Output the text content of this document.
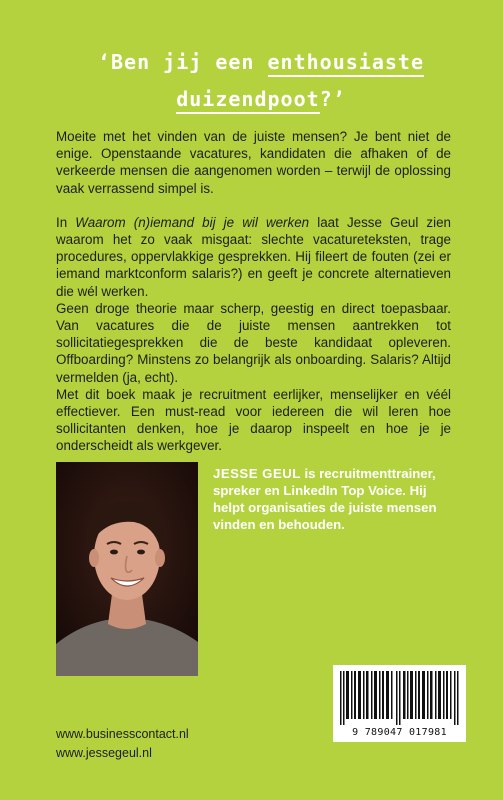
‘Ben jij een enthousiaste
duizendpoot?’

Moeite met het vinden van de juiste mensen? Je bent niet de enige. Openstaande vacatures, kandidaten die afhaken of de verkeerde mensen die aangenomen worden – terwijl de oplossing vaak verrassend simpel is.

In Waarom (n)iemand bij je wil werken laat Jesse Geul zien waarom het zo vaak misgaat: slechte vacatureteksten, trage procedures, oppervlakkige gesprekken. Hij fileert de fouten (zei er iemand marktconform salaris?) en geeft je concrete alternatieven die wél werken.

Geen droge theorie maar scherp, geestig en direct toepasbaar. Van vacatures die de juiste mensen aantrekken tot sollicitatiegesprekken die de beste kandidaat opleveren. Offboarding? Minstens zo belangrijk als onboarding. Salaris? Altijd vermelden (ja, echt).

Met dit boek maak je recruitment eerlijker, menselijker en véél effectiever. Een must-read voor iedereen die wil leren hoe sollicitanten denken, hoe je daarop inspeelt en hoe je je onderscheidt als werkgever.

JESSE GEUL is recruitmenttrainer, spreker en LinkedIn Top Voice. Hij helpt organisaties de juiste mensen vinden en behouden.
9 789047 017981
www.businesscontact.nl
www.jessegeul.nl
